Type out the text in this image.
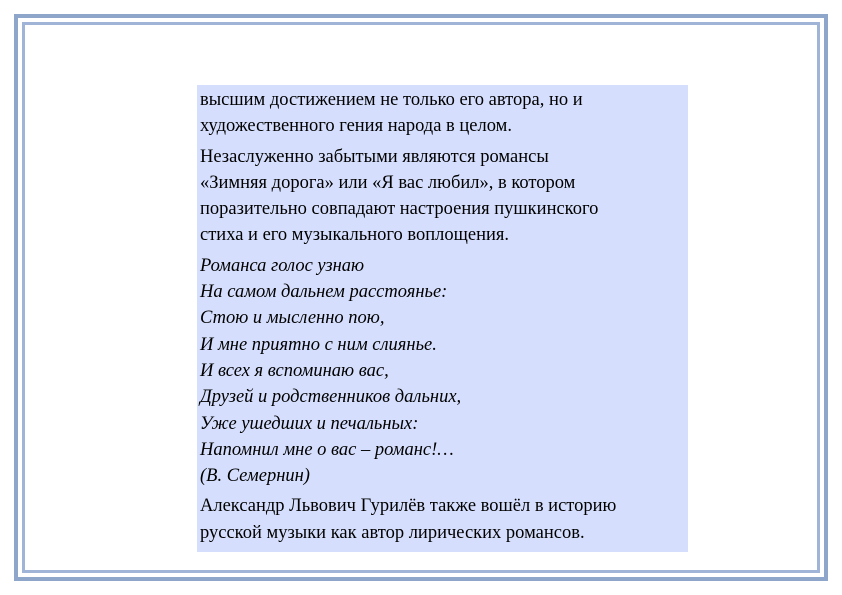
высшим достижением не только его автора, но и
художественного гения народа в целом.

Незаслуженно забытыми являются романсы
«Зимняя дорога» или «Я вас любил», в котором
поразительно совпадают настроения пушкинского
стиха и его музыкального воплощения.

Романса голос узнаю
На самом дальнем расстоянье:
Стою и мысленно пою,
И мне приятно с ним слиянье.
И всех я вспоминаю вас,
Друзей и родственников дальних,
Уже ушедших и печальных:
Напомнил мне о вас – романс!…
(В. Семернин)

Александр Львович Гурилёв также вошёл в историю
русской музыки как автор лирических романсов.
